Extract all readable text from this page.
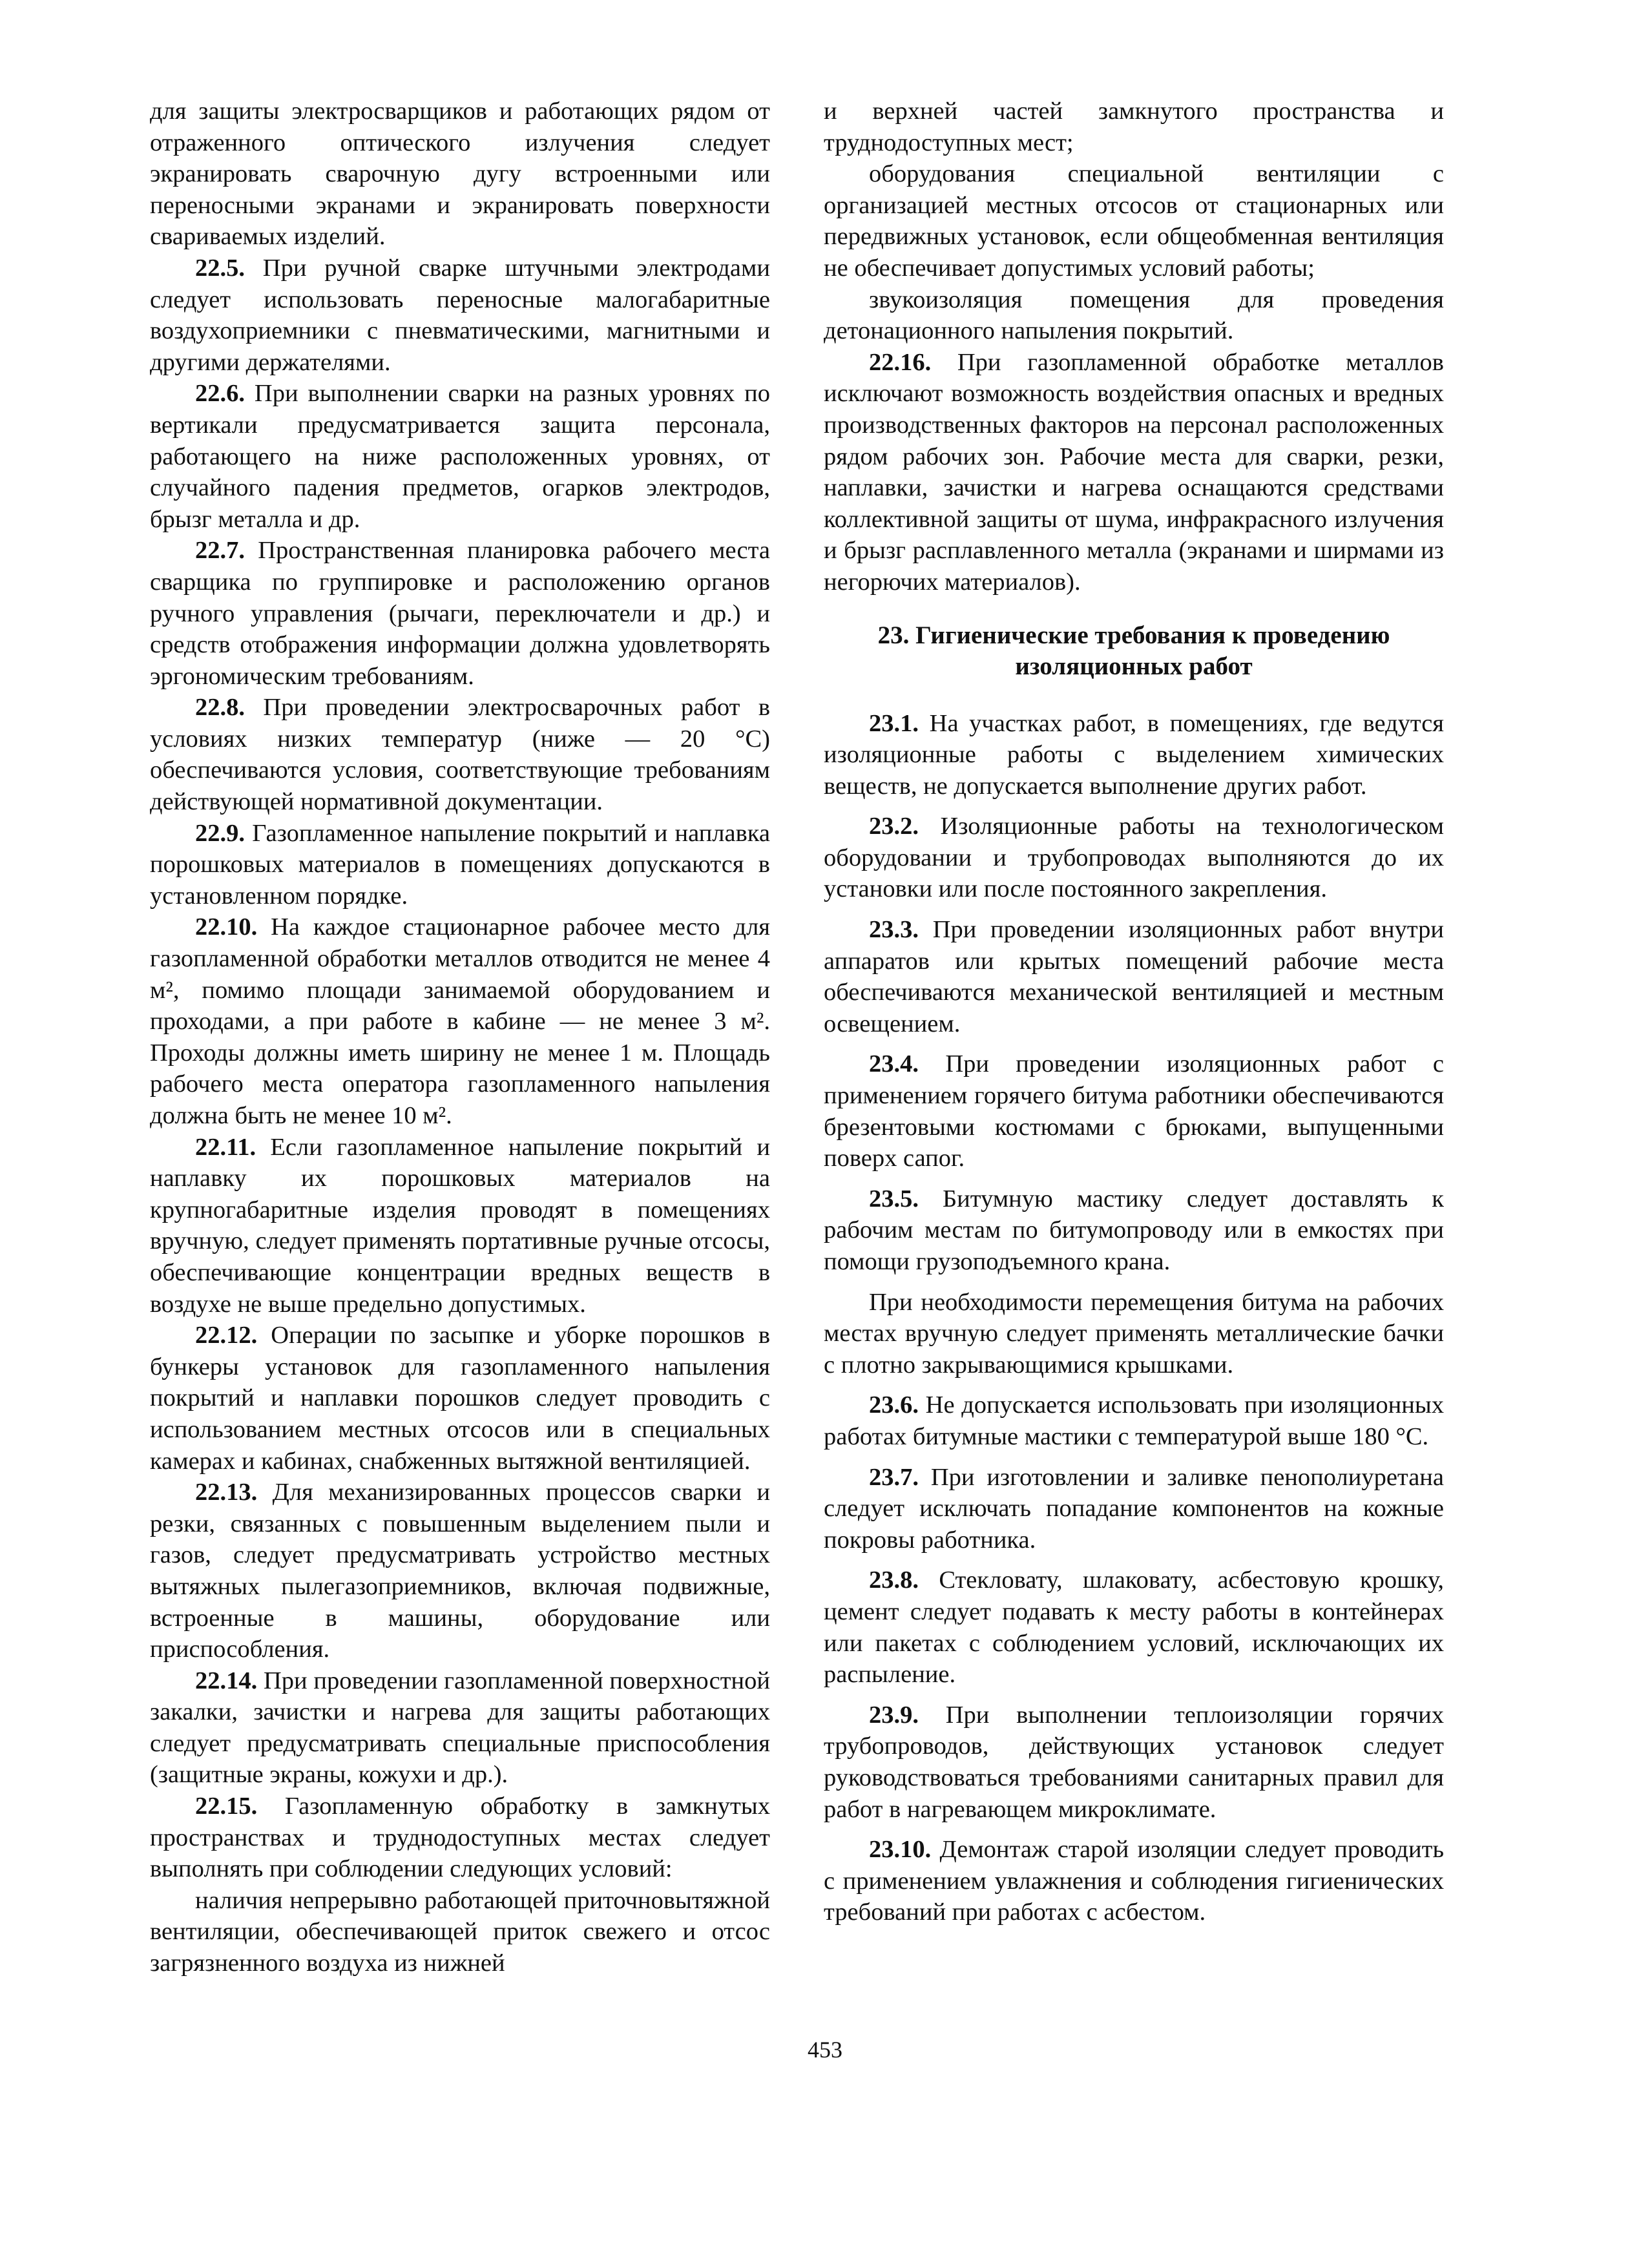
для защиты электросварщиков и работающих рядом от отраженного оптического излучения следует экранировать сварочную дугу встроенными или переносными экранами и экранировать поверхности свариваемых изделий.

22.5. При ручной сварке штучными электродами следует использовать переносные малогабаритные воздухоприемники с пневматическими, магнитными и другими держателями.

22.6. При выполнении сварки на разных уровнях по вертикали предусматривается защита персонала, работающего на ниже расположенных уровнях, от случайного падения предметов, огарков электродов, брызг металла и др.

22.7. Пространственная планировка рабочего места сварщика по группировке и расположению органов ручного управления (рычаги, переключатели и др.) и средств отображения информации должна удовлетворять эргономическим требованиям.

22.8. При проведении электросварочных работ в условиях низких температур (ниже — 20 °С) обеспечиваются условия, соответствующие требованиям действующей нормативной документации.

22.9. Газопламенное напыление покрытий и наплавка порошковых материалов в помещениях допускаются в установленном порядке.

22.10. На каждое стационарное рабочее место для газопламенной обработки металлов отводится не менее 4 м², помимо площади занимаемой оборудованием и проходами, а при работе в кабине — не менее 3 м². Проходы должны иметь ширину не менее 1 м. Площадь рабочего места оператора газопламенного напыления должна быть не менее 10 м².

22.11. Если газопламенное напыление покрытий и наплавку их порошковых материалов на крупногабаритные изделия проводят в помещениях вручную, следует применять портативные ручные отсосы, обеспечивающие концентрации вредных веществ в воздухе не выше предельно допустимых.

22.12. Операции по засыпке и уборке порошков в бункеры установок для газопламенного напыления покрытий и наплавки порошков следует проводить с использованием местных отсосов или в специальных камерах и кабинах, снабженных вытяжной вентиляцией.

22.13. Для механизированных процессов сварки и резки, связанных с повышенным выделением пыли и газов, следует предусматривать устройство местных вытяжных пылегазоприемников, включая подвижные, встроенные в машины, оборудование или приспособления.

22.14. При проведении газопламенной поверхностной закалки, зачистки и нагрева для защиты работающих следует предусматривать специальные приспособления (защитные экраны, кожухи и др.).

22.15. Газопламенную обработку в замкнутых пространствах и труднодоступных местах следует выполнять при соблюдении следующих условий:

наличия непрерывно работающей приточновытяжной вентиляции, обеспечивающей приток свежего и отсос загрязненного воздуха из нижней

и верхней частей замкнутого пространства и труднодоступных мест;

оборудования специальной вентиляции с организацией местных отсосов от стационарных или передвижных установок, если общеобменная вентиляция не обеспечивает допустимых условий работы;

звукоизоляция помещения для проведения детонационного напыления покрытий.

22.16. При газопламенной обработке металлов исключают возможность воздействия опасных и вредных производственных факторов на персонал расположенных рядом рабочих зон. Рабочие места для сварки, резки, наплавки, зачистки и нагрева оснащаются средствами коллективной защиты от шума, инфракрасного излучения и брызг расплавленного металла (экранами и ширмами из негорючих материалов).

23. Гигиенические требования к проведению

изоляционных работ

23.1. На участках работ, в помещениях, где ведутся изоляционные работы с выделением химических веществ, не допускается выполнение других работ.

23.2. Изоляционные работы на технологическом оборудовании и трубопроводах выполняются до их установки или после постоянного закрепления.

23.3. При проведении изоляционных работ внутри аппаратов или крытых помещений рабочие места обеспечиваются механической вентиляцией и местным освещением.

23.4. При проведении изоляционных работ с применением горячего битума работники обеспечиваются брезентовыми костюмами с брюками, выпущенными поверх сапог.

23.5. Битумную мастику следует доставлять к рабочим местам по битумопроводу или в емкостях при помощи грузоподъемного крана.

При необходимости перемещения битума на рабочих местах вручную следует применять металлические бачки с плотно закрывающимися крышками.

23.6. Не допускается использовать при изоляционных работах битумные мастики с температурой выше 180 °С.

23.7. При изготовлении и заливке пенополиуретана следует исключать попадание компонентов на кожные покровы работника.

23.8. Стекловату, шлаковату, асбестовую крошку, цемент следует подавать к месту работы в контейнерах или пакетах с соблюдением условий, исключающих их распыление.

23.9. При выполнении теплоизоляции горячих трубопроводов, действующих установок следует руководствоваться требованиями санитарных правил для работ в нагревающем микроклимате.

23.10. Демонтаж старой изоляции следует проводить с применением увлажнения и соблюдения гигиенических требований при работах с асбестом.

453
